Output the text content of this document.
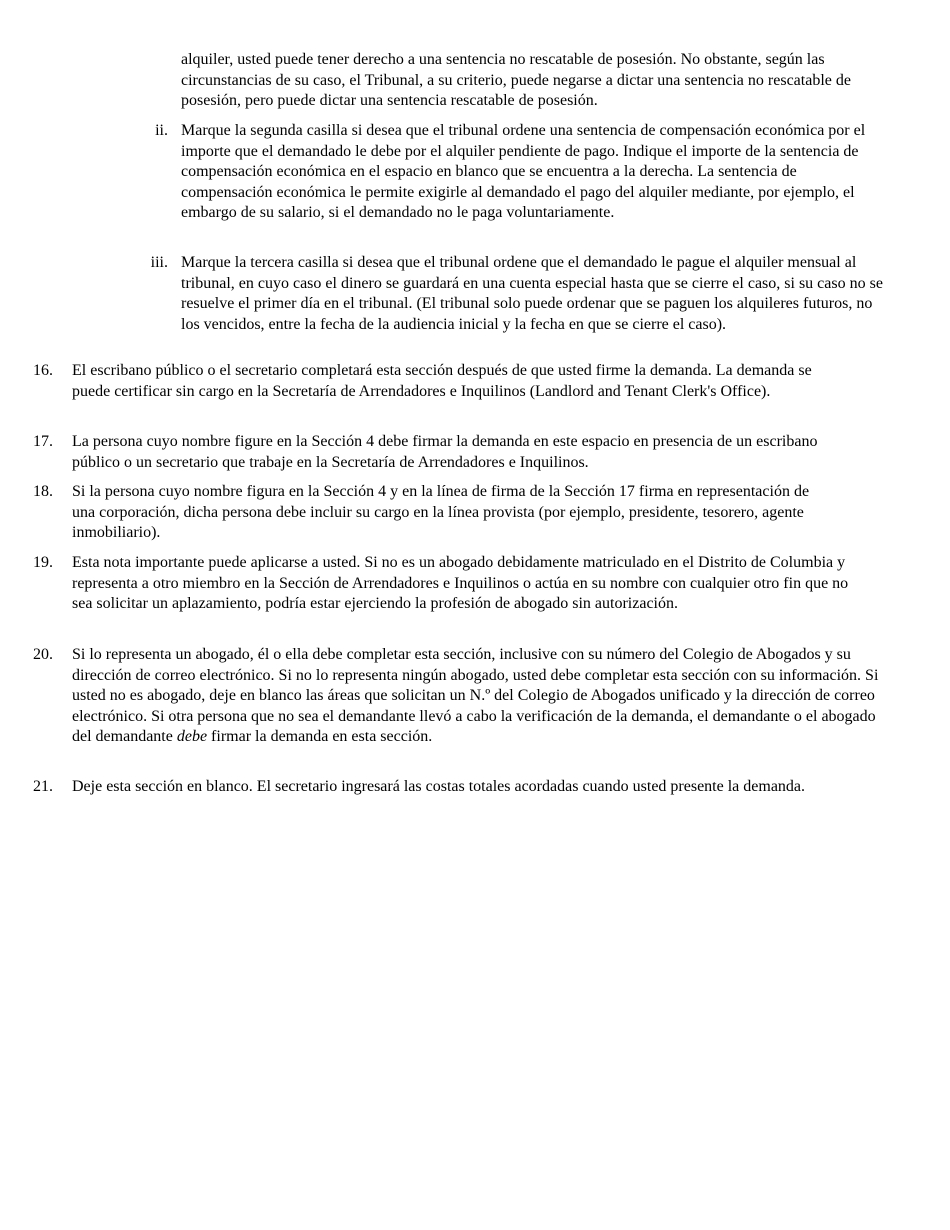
alquiler, usted puede tener derecho a una sentencia no rescatable de posesión. No obstante, según las circunstancias de su caso, el Tribunal, a su criterio, puede negarse a dictar una sentencia no rescatable de posesión, pero puede dictar una sentencia rescatable de posesión.

ii. Marque la segunda casilla si desea que el tribunal ordene una sentencia de compensación económica por el importe que el demandado le debe por el alquiler pendiente de pago. Indique el importe de la sentencia de compensación económica en el espacio en blanco que se encuentra a la derecha. La sentencia de compensación económica le permite exigirle al demandado el pago del alquiler mediante, por ejemplo, el embargo de su salario, si el demandado no le paga voluntariamente.

iii. Marque la tercera casilla si desea que el tribunal ordene que el demandado le pague el alquiler mensual al tribunal, en cuyo caso el dinero se guardará en una cuenta especial hasta que se cierre el caso, si su caso no se resuelve el primer día en el tribunal. (El tribunal solo puede ordenar que se paguen los alquileres futuros, no los vencidos, entre la fecha de la audiencia inicial y la fecha en que se cierre el caso).

16. El escribano público o el secretario completará esta sección después de que usted firme la demanda. La demanda se puede certificar sin cargo en la Secretaría de Arrendadores e Inquilinos (Landlord and Tenant Clerk's Office).

17. La persona cuyo nombre figure en la Sección 4 debe firmar la demanda en este espacio en presencia de un escribano público o un secretario que trabaje en la Secretaría de Arrendadores e Inquilinos.

18. Si la persona cuyo nombre figura en la Sección 4 y en la línea de firma de la Sección 17 firma en representación de una corporación, dicha persona debe incluir su cargo en la línea provista (por ejemplo, presidente, tesorero, agente inmobiliario).

19. Esta nota importante puede aplicarse a usted. Si no es un abogado debidamente matriculado en el Distrito de Columbia y representa a otro miembro en la Sección de Arrendadores e Inquilinos o actúa en su nombre con cualquier otro fin que no sea solicitar un aplazamiento, podría estar ejerciendo la profesión de abogado sin autorización.

20. Si lo representa un abogado, él o ella debe completar esta sección, inclusive con su número del Colegio de Abogados y su dirección de correo electrónico. Si no lo representa ningún abogado, usted debe completar esta sección con su información. Si usted no es abogado, deje en blanco las áreas que solicitan un N.º del Colegio de Abogados unificado y la dirección de correo electrónico. Si otra persona que no sea el demandante llevó a cabo la verificación de la demanda, el demandante o el abogado del demandante debe firmar la demanda en esta sección.

21. Deje esta sección en blanco. El secretario ingresará las costas totales acordadas cuando usted presente la demanda.
